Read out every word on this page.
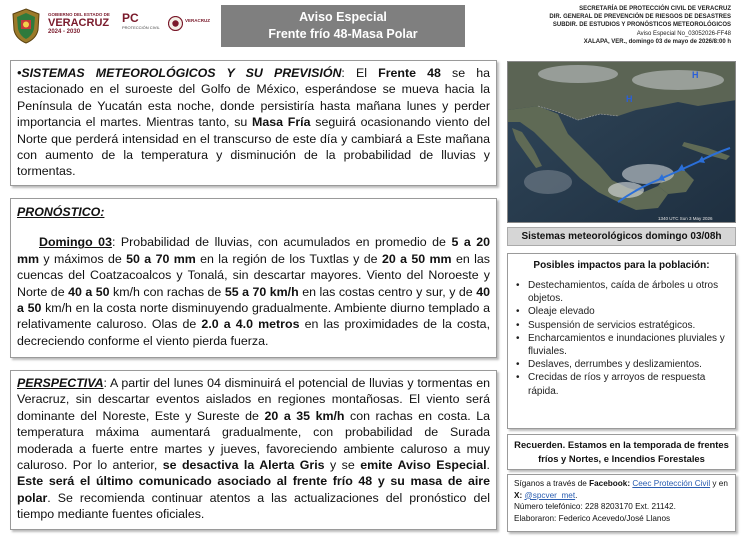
GOBIERNO DEL ESTADO DE
VERACRUZ
2024 - 2030
PC
PROTECCIÓN CIVIL
VERACRUZ	Aviso Especial
Frente frío 48-Masa Polar
SECRETARÍA DE PROTECCIÓN CIVIL DE VERACRUZ
DIR. GENERAL DE PREVENCIÓN DE RIESGOS DE DESASTRES
SUBDIR. DE ESTUDIOS Y PRONÓSTICOS METEOROLÓGICOS
Aviso Especial No_03052026-FF48
XALAPA, VER., domingo 03 de mayo de 2026/8:00 h
•SISTEMAS METEOROLÓGICOS Y SU PREVISIÓN: El Frente 48 se ha estacionado en el suroeste del Golfo de México, esperándose se mueva hacia la Península de Yucatán esta noche, donde persistiría hasta mañana lunes y perder importancia el martes. Mientras tanto, su Masa Fría seguirá ocasionando viento del Norte que perderá intensidad en el transcurso de este día y cambiará a Este mañana con aumento de la temperatura y disminución de la probabilidad de lluvias y tormentas.
PRONÓSTICO:
Domingo 03: Probabilidad de lluvias, con acumulados en promedio de 5 a 20 mm y máximos de 50 a 70 mm en la región de los Tuxtlas y de 20 a 50 mm en las cuencas del Coatzacoalcos y Tonalá, sin descartar mayores. Viento del Noroeste y Norte de 40 a 50 km/h con rachas de 55 a 70 km/h en las costas centro y sur, y de 40 a 50 km/h en la costa norte disminuyendo gradualmente. Ambiente diurno templado a relativamente caluroso. Olas de 2.0 a 4.0 metros en las proximidades de la costa, decreciendo conforme el viento pierda fuerza.
PERSPECTIVA: A partir del lunes 04 disminuirá el potencial de lluvias y tormentas en Veracruz, sin descartar eventos aislados en regiones montañosas. El viento será dominante del Noreste, Este y Sureste de 20 a 35 km/h con rachas en costa. La temperatura máxima aumentará gradualmente, con probabilidad de Surada moderada a fuerte entre martes y jueves, favoreciendo ambiente caluroso a muy caluroso. Por lo anterior, se desactiva la Alerta Gris y se emite Aviso Especial. Este será el último comunicado asociado al frente frío 48 y su masa de aire polar. Se recomienda continuar atentos a las actualizaciones del pronóstico del tiempo mediante fuentes oficiales.
H
H
1340 UTC Sun 3 May 2026
Sistemas meteorológicos domingo 03/08h
Posibles impactos para la población:
• Destechamientos, caída de árboles u otros objetos.
• Oleaje elevado
• Suspensión de servicios estratégicos.
• Encharcamientos e inundaciones pluviales y fluviales.
• Deslaves, derrumbes y deslizamientos.
• Crecidas de ríos y arroyos de respuesta rápida.
Recuerden. Estamos en la temporada de frentes fríos y Nortes, e Incendios Forestales
Síganos a través de Facebook: Ceec Protección Civil y en X: @spcver_met.
Número telefónico: 228 8203170 Ext. 21142.
Elaboraron: Federico Acevedo/José Llanos
